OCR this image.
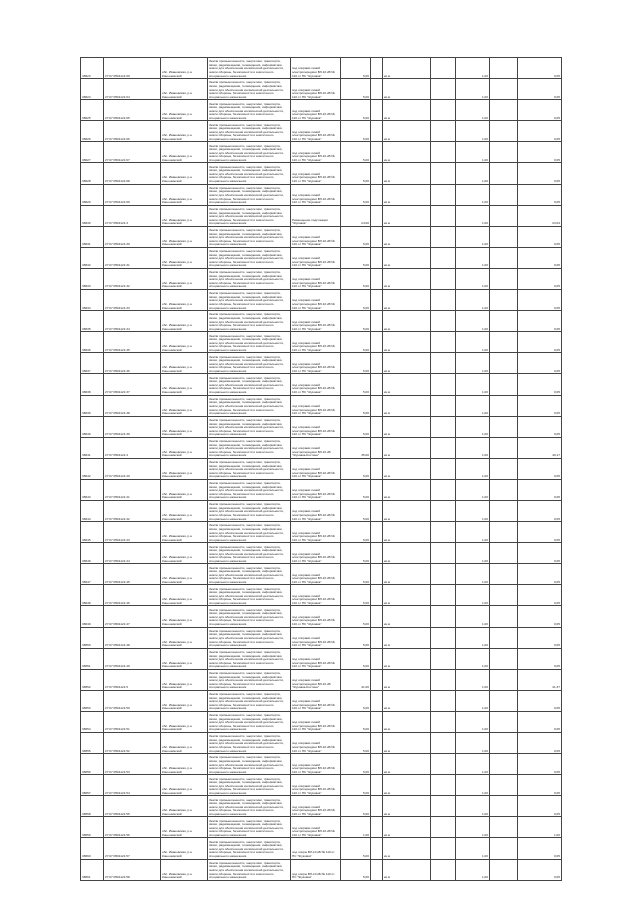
38623	27:07:0501121:69	обл. Ивановская, р-н Кинешемский	Земли промышленности, энергетики, транспорта, связи, радиовещания, телевидения, информатики, земли для обеспечения космической деятельности, земли обороны, безопасности и земли иного специального назначения	под опорами линий электропередачи ВЛ-10 кВ № 110 от ПС "Жуковка"	5,00		кв.м		1,00		0,05
38624	27:07:0501121:64	обл. Ивановская, р-н Кинешемский	Земли промышленности, энергетики, транспорта, связи, радиовещания, телевидения, информатики, земли для обеспечения космической деятельности, земли обороны, безопасности и земли иного специального назначения	под опорами линий электропередачи ВЛ-10 кВ № 110 от ПС "Жуковка"	5,00		кв.м		1,00		0,05
38625	27:07:0501121:65	обл. Ивановская, р-н Кинешемский	Земли промышленности, энергетики, транспорта, связи, радиовещания, телевидения, информатики, земли для обеспечения космической деятельности, земли обороны, безопасности и земли иного специального назначения	под опорами линий электропередачи ВЛ-10 кВ № 110 от ПС "Жуковка"	5,00		кв.м		1,00		0,05
38626	27:07:0501121:66	обл. Ивановская, р-н Кинешемский	Земли промышленности, энергетики, транспорта, связи, радиовещания, телевидения, информатики, земли для обеспечения космической деятельности, земли обороны, безопасности и земли иного специального назначения	под опорами линий электропередачи ВЛ-10 кВ № 110 от ПС "Жуковка"	5,00		кв.м		1,00		0,05
38627	27:07:0501121:67	обл. Ивановская, р-н Кинешемский	Земли промышленности, энергетики, транспорта, связи, радиовещания, телевидения, информатики, земли для обеспечения космической деятельности, земли обороны, безопасности и земли иного специального назначения	под опорами линий электропередачи ВЛ-10 кВ № 110 от ПС "Жуковка"	5,00		кв.м		1,00		0,05
38628	27:07:0501121:68	обл. Ивановская, р-н Кинешемский	Земли промышленности, энергетики, транспорта, связи, радиовещания, телевидения, информатики, земли для обеспечения космической деятельности, земли обороны, безопасности и земли иного специального назначения	под опорами линий электропередачи ВЛ-10 кВ № 110 от ПС "Жуковка"	5,00		кв.м		1,00		0,05
38629	27:07:0501121:69	обл. Ивановская, р-н Кинешемский	Земли промышленности, энергетики, транспорта, связи, радиовещания, телевидения, информатики, земли для обеспечения космической деятельности, земли обороны, безопасности и земли иного специального назначения	под опорами линий электропередачи ВЛ-10 кВ № 110 от ПС "Жуковка"	5,00		кв.м		1,00		0,05
38630	27:07:0501121:3	обл. Ивановская, р-н Кинешемский	Земли промышленности, энергетики, транспорта, связи, радиовещания, телевидения, информатики, земли для обеспечения космической деятельности, земли обороны, безопасности и земли иного специального назначения	Размещение подстанции "Жуковка"	24,00		кв.м		1,00		23,04
38631	27:07:0501121:30	обл. Ивановская, р-н Кинешемский	Земли промышленности, энергетики, транспорта, связи, радиовещания, телевидения, информатики, земли для обеспечения космической деятельности, земли обороны, безопасности и земли иного специального назначения	под опорами линий электропередачи ВЛ-10 кВ № 110 от ПС "Жуковка"	5,00		кв.м		1,00		0,05
38632	27:07:0501121:31	обл. Ивановская, р-н Кинешемский	Земли промышленности, энергетики, транспорта, связи, радиовещания, телевидения, информатики, земли для обеспечения космической деятельности, земли обороны, безопасности и земли иного специального назначения	под опорами линий электропередачи ВЛ-10 кВ № 110 от ПС "Жуковка"	5,00		кв.м		1,00		0,05
38633	27:07:0501121:32	обл. Ивановская, р-н Кинешемский	Земли промышленности, энергетики, транспорта, связи, радиовещания, телевидения, информатики, земли для обеспечения космической деятельности, земли обороны, безопасности и земли иного специального назначения	под опорами линий электропередачи ВЛ-10 кВ № 110 от ПС "Жуковка"	5,00		кв.м		1,00		0,05
38634	27:07:0501121:33	обл. Ивановская, р-н Кинешемский	Земли промышленности, энергетики, транспорта, связи, радиовещания, телевидения, информатики, земли для обеспечения космической деятельности, земли обороны, безопасности и земли иного специального назначения	под опорами линий электропередачи ВЛ-10 кВ № 110 от ПС "Жуковка"	5,00		кв.м		1,00		0,05
38635	27:07:0501121:34	обл. Ивановская, р-н Кинешемский	Земли промышленности, энергетики, транспорта, связи, радиовещания, телевидения, информатики, земли для обеспечения космической деятельности, земли обороны, безопасности и земли иного специального назначения	под опорами линий электропередачи ВЛ-10 кВ № 110 от ПС "Жуковка"	5,00		кв.м		1,00		0,05
38636	27:07:0501121:35	обл. Ивановская, р-н Кинешемский	Земли промышленности, энергетики, транспорта, связи, радиовещания, телевидения, информатики, земли для обеспечения космической деятельности, земли обороны, безопасности и земли иного специального назначения	под опорами линий электропередачи ВЛ-10 кВ № 110 от ПС "Жуковка"	5,00		кв.м		1,00		0,05
38637	27:07:0501121:36	обл. Ивановская, р-н Кинешемский	Земли промышленности, энергетики, транспорта, связи, радиовещания, телевидения, информатики, земли для обеспечения космической деятельности, земли обороны, безопасности и земли иного специального назначения	под опорами линий электропередачи ВЛ-10 кВ № 110 от ПС "Жуковка"	5,00		кв.м		1,00		0,05
38638	27:07:0501121:37	обл. Ивановская, р-н Кинешемский	Земли промышленности, энергетики, транспорта, связи, радиовещания, телевидения, информатики, земли для обеспечения космической деятельности, земли обороны, безопасности и земли иного специального назначения	под опорами линий электропередачи ВЛ-10 кВ № 110 от ПС "Жуковка"	5,00		кв.м		1,00		0,05
38639	27:07:0501121:38	обл. Ивановская, р-н Кинешемский	Земли промышленности, энергетики, транспорта, связи, радиовещания, телевидения, информатики, земли для обеспечения космической деятельности, земли обороны, безопасности и земли иного специального назначения	под опорами линий электропередачи ВЛ-10 кВ № 110 от ПС "Жуковка"	5,00		кв.м		1,00		0,05
38640	27:07:0501121:39	обл. Ивановская, р-н Кинешемский	Земли промышленности, энергетики, транспорта, связи, радиовещания, телевидения, информатики, земли для обеспечения космической деятельности, земли обороны, безопасности и земли иного специального назначения	под опорами линий электропередачи ВЛ-10 кВ № 110 от ПС "Жуковка"	5,00		кв.м		1,00		0,05
38641	27:07:0501121:4	обл. Ивановская, р-н Кинешемский	Земли промышленности, энергетики, транспорта, связи, радиовещания, телевидения, информатики, земли для обеспечения космической деятельности, земли обороны, безопасности и земли иного специального назначения	под опорами линий электропередачи ВЛ-10 кВ "Жуковка-Костино"	35,00		кв.м		1,00		40,17
38642	27:07:0501121:40	обл. Ивановская, р-н Кинешемский	Земли промышленности, энергетики, транспорта, связи, радиовещания, телевидения, информатики, земли для обеспечения космической деятельности, земли обороны, безопасности и земли иного специального назначения	под опорами линий электропередачи ВЛ-10 кВ № 110 от ПС "Жуковка"	5,00		кв.м		1,00		0,05
38643	27:07:0501121:41	обл. Ивановская, р-н Кинешемский	Земли промышленности, энергетики, транспорта, связи, радиовещания, телевидения, информатики, земли для обеспечения космической деятельности, земли обороны, безопасности и земли иного специального назначения	под опорами линий электропередачи ВЛ-10 кВ № 110 от ПС "Жуковка"	5,00		кв.м		1,00		0,05
38644	27:07:0501121:42	обл. Ивановская, р-н Кинешемский	Земли промышленности, энергетики, транспорта, связи, радиовещания, телевидения, информатики, земли для обеспечения космической деятельности, земли обороны, безопасности и земли иного специального назначения	под опорами линий электропередачи ВЛ-10 кВ № 110 от ПС "Жуковка"	5,00		кв.м		1,00		0,05
38645	27:07:0501121:43	обл. Ивановская, р-н Кинешемский	Земли промышленности, энергетики, транспорта, связи, радиовещания, телевидения, информатики, земли для обеспечения космической деятельности, земли обороны, безопасности и земли иного специального назначения	под опорами линий электропередачи ВЛ-10 кВ № 110 от ПС "Жуковка"	5,00		кв.м		1,00		0,05
38646	27:07:0501121:44	обл. Ивановская, р-н Кинешемский	Земли промышленности, энергетики, транспорта, связи, радиовещания, телевидения, информатики, земли для обеспечения космической деятельности, земли обороны, безопасности и земли иного специального назначения	под опорами линий электропередачи ВЛ-10 кВ № 110 от ПС "Жуковка"	5,00		кв.м		1,00		0,05
38647	27:07:0501121:45	обл. Ивановская, р-н Кинешемский	Земли промышленности, энергетики, транспорта, связи, радиовещания, телевидения, информатики, земли для обеспечения космической деятельности, земли обороны, безопасности и земли иного специального назначения	под опорами линий электропередачи ВЛ-10 кВ № 110 от ПС "Жуковка"	5,00		кв.м		1,00		0,05
38648	27:07:0501121:46	обл. Ивановская, р-н Кинешемский	Земли промышленности, энергетики, транспорта, связи, радиовещания, телевидения, информатики, земли для обеспечения космической деятельности, земли обороны, безопасности и земли иного специального назначения	под опорами линий электропередачи ВЛ-10 кВ № 110 от ПС "Жуковка"	5,00		кв.м		1,00		0,05
38649	27:07:0501121:47	обл. Ивановская, р-н Кинешемский	Земли промышленности, энергетики, транспорта, связи, радиовещания, телевидения, информатики, земли для обеспечения космической деятельности, земли обороны, безопасности и земли иного специального назначения	под опорами линий электропередачи ВЛ-10 кВ № 110 от ПС "Жуковка"	5,00		кв.м		1,00		0,05
38650	27:07:0501121:48	обл. Ивановская, р-н Кинешемский	Земли промышленности, энергетики, транспорта, связи, радиовещания, телевидения, информатики, земли для обеспечения космической деятельности, земли обороны, безопасности и земли иного специального назначения	под опорами линий электропередачи ВЛ-10 кВ № 110 от ПС "Жуковка"	5,00		кв.м		1,00		0,05
38651	27:07:0501121:49	обл. Ивановская, р-н Кинешемский	Земли промышленности, энергетики, транспорта, связи, радиовещания, телевидения, информатики, земли для обеспечения космической деятельности, земли обороны, безопасности и земли иного специального назначения	под опорами линий электропередачи ВЛ-10 кВ № 110 от ПС "Жуковка"	5,00		кв.м		1,00		0,05
38652	27:07:0501121:5	обл. Ивановская, р-н Кинешемский	Земли промышленности, энергетики, транспорта, связи, радиовещания, телевидения, информатики, земли для обеспечения космической деятельности, земли обороны, безопасности и земли иного специального назначения	под опорами линий электропередачи ВЛ-10 кВ "Жуковка-Костино"	41,00		кв.м		1,00		41,37
38653	27:07:0501121:50	обл. Ивановская, р-н Кинешемский	Земли промышленности, энергетики, транспорта, связи, радиовещания, телевидения, информатики, земли для обеспечения космической деятельности, земли обороны, безопасности и земли иного специального назначения	под опорами линий электропередачи ВЛ-10 кВ № 110 от ПС "Жуковка"	5,00		кв.м		1,00		0,05
38654	27:07:0501121:51	обл. Ивановская, р-н Кинешемский	Земли промышленности, энергетики, транспорта, связи, радиовещания, телевидения, информатики, земли для обеспечения космической деятельности, земли обороны, безопасности и земли иного специального назначения	под опорами линий электропередачи ВЛ-10 кВ № 110 от ПС "Жуковка"	5,00		кв.м		1,00		0,05
38655	27:07:0501121:52	обл. Ивановская, р-н Кинешемский	Земли промышленности, энергетики, транспорта, связи, радиовещания, телевидения, информатики, земли для обеспечения космической деятельности, земли обороны, безопасности и земли иного специального назначения	под опорами линий электропередачи ВЛ-10 кВ № 110 от ПС "Жуковка"	5,00		кв.м		1,00		0,05
38656	27:07:0501121:53	обл. Ивановская, р-н Кинешемский	Земли промышленности, энергетики, транспорта, связи, радиовещания, телевидения, информатики, земли для обеспечения космической деятельности, земли обороны, безопасности и земли иного специального назначения	под опорами линий электропередачи ВЛ-10 кВ № 110 от ПС "Жуковка"	5,00		кв.м		1,00		0,05
38657	27:07:0501121:54	обл. Ивановская, р-н Кинешемский	Земли промышленности, энергетики, транспорта, связи, радиовещания, телевидения, информатики, земли для обеспечения космической деятельности, земли обороны, безопасности и земли иного специального назначения	под опорами линий электропередачи ВЛ-10 кВ № 110 от ПС "Жуковка"	5,00		кв.м		1,00		0,05
38658	27:07:0501121:55	обл. Ивановская, р-н Кинешемский	Земли промышленности, энергетики, транспорта, связи, радиовещания, телевидения, информатики, земли для обеспечения космической деятельности, земли обороны, безопасности и земли иного специального назначения	под опорами линий электропередачи ВЛ-10 кВ № 110 от ПС "Жуковка"	5,00		кв.м		1,00		0,05
38659	27:07:0501121:56	обл. Ивановская, р-н Кинешемский	Земли промышленности, энергетики, транспорта, связи, радиовещания, телевидения, информатики, земли для обеспечения космической деятельности, земли обороны, безопасности и земли иного специального назначения	под опорами линий электропередачи ВЛ-10 кВ № 110 от ПС "Жуковка"	1,00		кв.м		1,00		1,00
38660	27:07:0501121:57	обл. Ивановская, р-н Кинешемский	Земли промышленности, энергетики, транспорта, связи, радиовещания, телевидения, информатики, земли для обеспечения космической деятельности, земли обороны, безопасности и земли иного специального назначения	под опоры ВЛ-10 кВ № 110 от ПС "Жуковка"	5,00		кв.м		1,00		0,05
38661	27:07:0501121:58	обл. Ивановская, р-н Кинешемский	Земли промышленности, энергетики, транспорта, связи, радиовещания, телевидения, информатики, земли для обеспечения космической деятельности, земли обороны, безопасности и земли иного специального назначения	под опоры ВЛ-10 кВ № 110 от ПС "Жуковка"	5,00		кв.м		1,00		0,05
